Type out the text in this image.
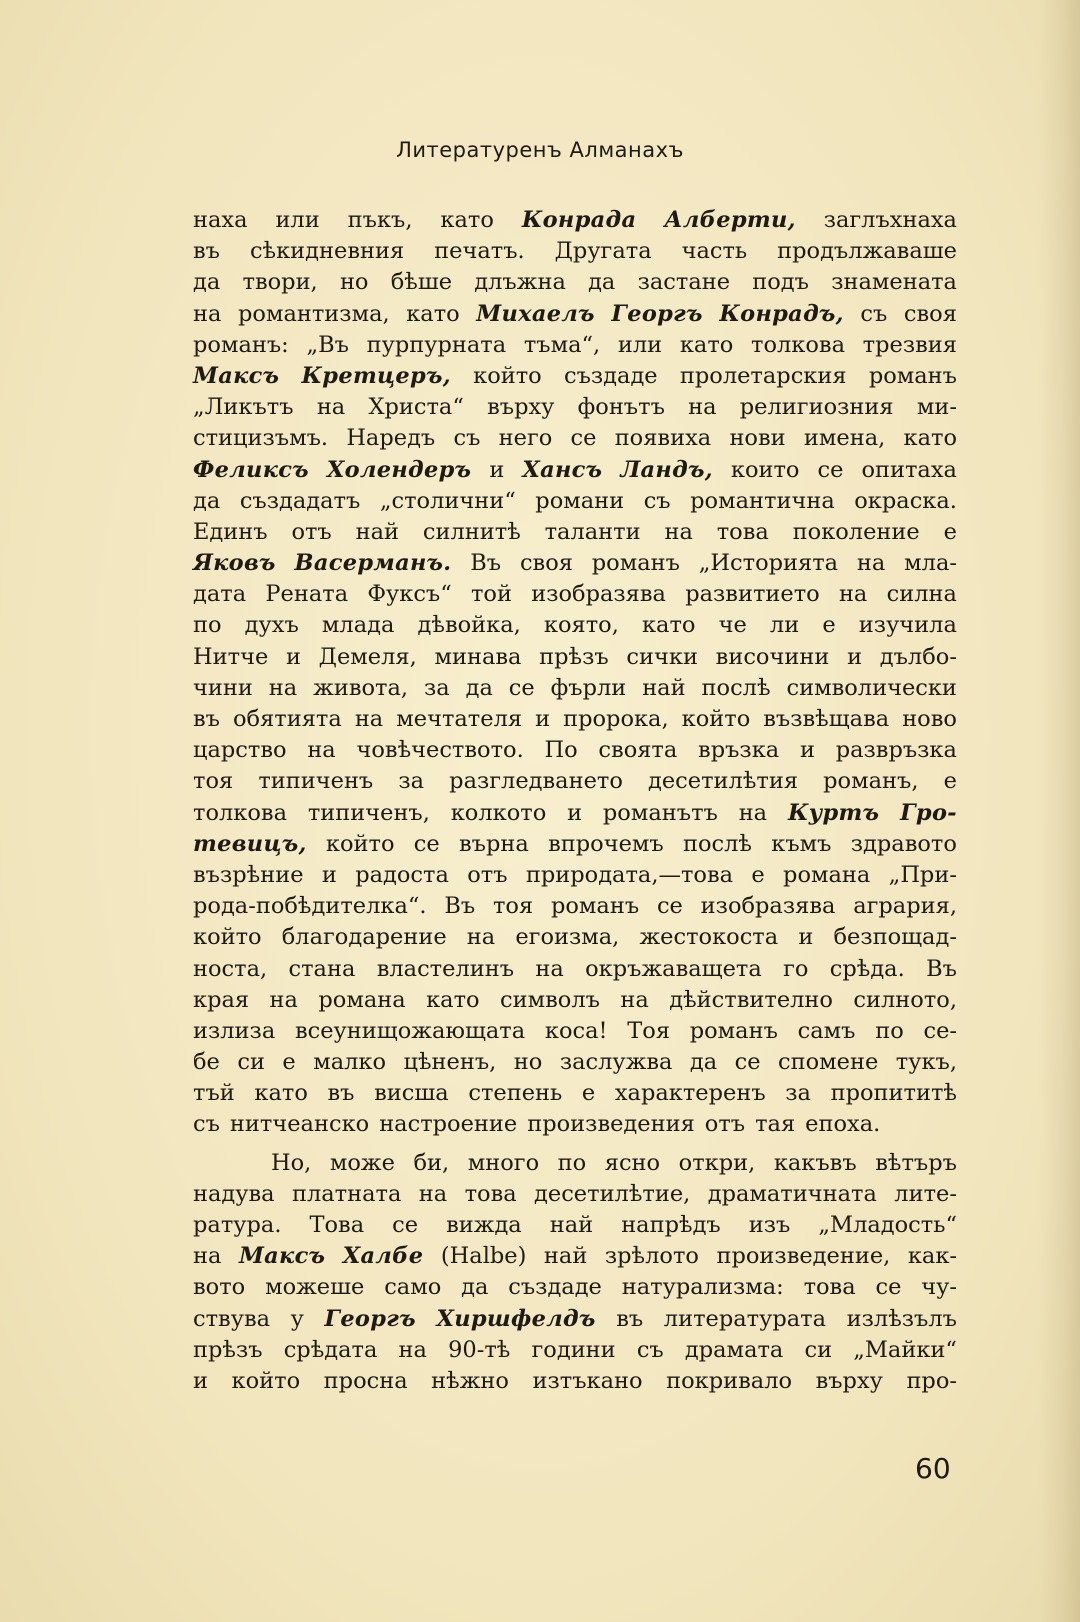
Литературенъ Алманахъ
наха или пъкъ, като Конрада Алберти, заглъхнаха
въ сѣкидневния печатъ. Другата часть продължаваше
да твори, но бѣше длъжна да застане подъ знамената
на романтизма, като Михаелъ Георгъ Конрадъ, съ своя
романъ: „Въ пурпурната тъма“, или като толкова трезвия
Максъ Кретцеръ, който създаде пролетарския романъ
„Ликътъ на Христа“ върху фонътъ на религиозния ми-
стицизъмъ. Наредъ съ него се появиха нови имена, като
Феликсъ Холендеръ и Хансъ Ландъ, които се опитаха
да създадатъ „столични“ романи съ романтична окраска.
Единъ отъ най силнитѣ таланти на това поколение е
Яковъ Васерманъ. Въ своя романъ „Историята на мла-
дата Рената Фуксъ“ той изобразява развитието на силна
по духъ млада дѣвойка, която, като че ли е изучила
Нитче и Демеля, минава прѣзъ сички височини и дълбо-
чини на живота, за да се фърли най послѣ символически
въ обятията на мечтателя и пророка, който възвѣщава ново
царство на човѣчеството. По своята връзка и развръзка
тоя типиченъ за разгледването десетилѣтия романъ, е
толкова типиченъ, колкото и романътъ на Куртъ Гро-
тевицъ, който се върна впрочемъ послѣ къмъ здравото
възрѣние и радоста отъ природата,—това е романа „При-
рода-побѣдителка“. Въ тоя романъ се изобразява агрария,
който благодарение на егоизма, жестокоста и безпощад-
носта, стана властелинъ на окръжаващета го срѣда. Въ
края на романа като символъ на дѣйствително силното,
излиза всеунищожающата коса! Тоя романъ самъ по се-
бе си е малко цѣненъ, но заслужва да се спомене тукъ,
тъй като въ висша степень е характеренъ за пропититѣ
съ нитчеанско настроение произведения отъ тая епоха.
Но, може би, много по ясно откри, какъвъ вѣтъръ
надува платната на това десетилѣтие, драматичната лите-
ратура. Това се вижда най напрѣдъ изъ „Младость“
на Максъ Халбе (Halbe) най зрѣлото произведение, как-
вото можеше само да създаде натурализма: това се чу-
ствува у Георгъ Хиршфелдъ въ литературата излѣзълъ
прѣзъ срѣдата на 90-тѣ години съ драмата си „Майки“
и който просна нѣжно изтъкано покривало върху про-
60
